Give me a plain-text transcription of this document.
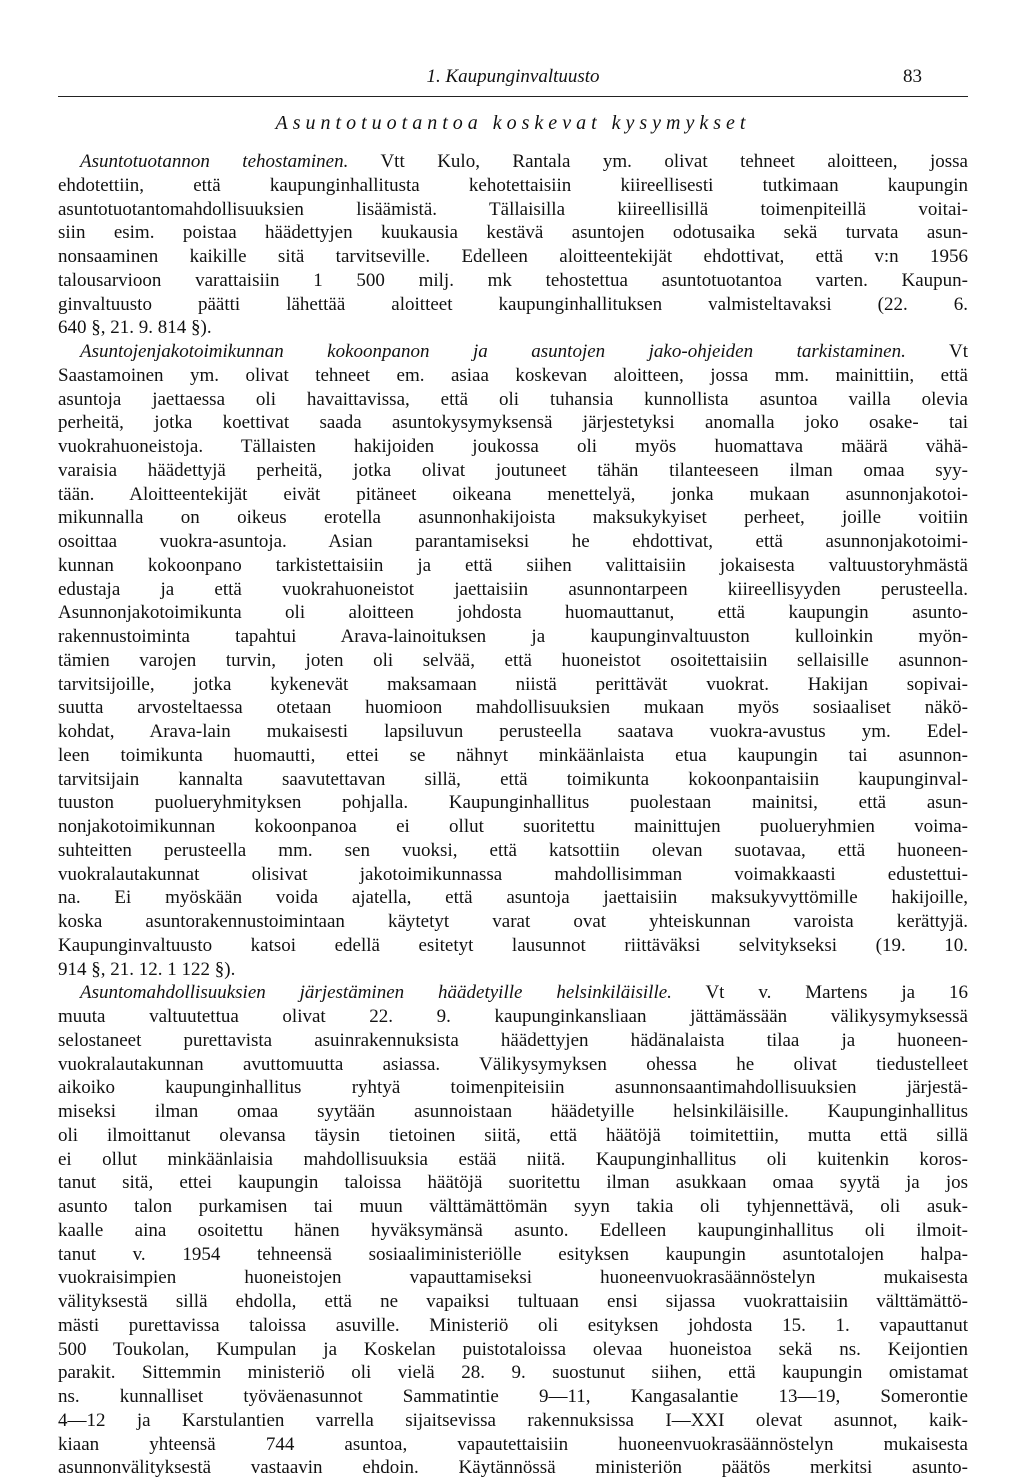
1. Kaupunginvaltuusto	83
Asuntotuotantoa koskevat kysymykset
Asuntotuotannon tehostaminen. Vtt Kulo, Rantala ym. olivat tehneet aloitteen, jossa
ehdotettiin, että kaupunginhallitusta kehotettaisiin kiireellisesti tutkimaan kaupungin
asuntotuotantomahdollisuuksien lisäämistä. Tällaisilla kiireellisillä toimenpiteillä voitai-
siin esim. poistaa häädettyjen kuukausia kestävä asuntojen odotusaika sekä turvata asun-
nonsaaminen kaikille sitä tarvitseville. Edelleen aloitteentekijät ehdottivat, että v:n 1956
talousarvioon varattaisiin 1 500 milj. mk tehostettua asuntotuotantoa varten. Kaupun-
ginvaltuusto päätti lähettää aloitteet kaupunginhallituksen valmisteltavaksi (22. 6.
640 §, 21. 9. 814 §).
Asuntojenjakotoimikunnan kokoonpanon ja asuntojen jako-ohjeiden tarkistaminen. Vt
Saastamoinen ym. olivat tehneet em. asiaa koskevan aloitteen, jossa mm. mainittiin, että
asuntoja jaettaessa oli havaittavissa, että oli tuhansia kunnollista asuntoa vailla olevia
perheitä, jotka koettivat saada asuntokysymyksensä järjestetyksi anomalla joko osake- tai
vuokrahuoneistoja. Tällaisten hakijoiden joukossa oli myös huomattava määrä vähä-
varaisia häädettyjä perheitä, jotka olivat joutuneet tähän tilanteeseen ilman omaa syy-
tään. Aloitteentekijät eivät pitäneet oikeana menettelyä, jonka mukaan asunnonjakotoi-
mikunnalla on oikeus erotella asunnonhakijoista maksukykyiset perheet, joille voitiin
osoittaa vuokra-asuntoja. Asian parantamiseksi he ehdottivat, että asunnonjakotoimi-
kunnan kokoonpano tarkistettaisiin ja että siihen valittaisiin jokaisesta valtuustoryhmästä
edustaja ja että vuokrahuoneistot jaettaisiin asunnontarpeen kiireellisyyden perusteella.
Asunnonjakotoimikunta oli aloitteen johdosta huomauttanut, että kaupungin asunto-
rakennustoiminta tapahtui Arava-lainoituksen ja kaupunginvaltuuston kulloinkin myön-
tämien varojen turvin, joten oli selvää, että huoneistot osoitettaisiin sellaisille asunnon-
tarvitsijoille, jotka kykenevät maksamaan niistä perittävät vuokrat. Hakijan sopivai-
suutta arvosteltaessa otetaan huomioon mahdollisuuksien mukaan myös sosiaaliset näkö-
kohdat, Arava-lain mukaisesti lapsiluvun perusteella saatava vuokra-avustus ym. Edel-
leen toimikunta huomautti, ettei se nähnyt minkäänlaista etua kaupungin tai asunnon-
tarvitsijain kannalta saavutettavan sillä, että toimikunta kokoonpantaisiin kaupunginval-
tuuston puolueryhmityksen pohjalla. Kaupunginhallitus puolestaan mainitsi, että asun-
nonjakotoimikunnan kokoonpanoa ei ollut suoritettu mainittujen puolueryhmien voima-
suhteitten perusteella mm. sen vuoksi, että katsottiin olevan suotavaa, että huoneen-
vuokralautakunnat olisivat jakotoimikunnassa mahdollisimman voimakkaasti edustettui-
na. Ei myöskään voida ajatella, että asuntoja jaettaisiin maksukyvyttömille hakijoille,
koska asuntorakennustoimintaan käytetyt varat ovat yhteiskunnan varoista kerättyjä.
Kaupunginvaltuusto katsoi edellä esitetyt lausunnot riittäväksi selvitykseksi (19. 10.
914 §, 21. 12. 1 122 §).
Asuntomahdollisuuksien järjestäminen häädetyille helsinkiläisille. Vt v. Martens ja 16
muuta valtuutettua olivat 22. 9. kaupunginkansliaan jättämässään välikysymyksessä
selostaneet purettavista asuinrakennuksista häädettyjen hädänalaista tilaa ja huoneen-
vuokralautakunnan avuttomuutta asiassa. Välikysymyksen ohessa he olivat tiedustelleet
aikoiko kaupunginhallitus ryhtyä toimenpiteisiin asunnonsaantimahdollisuuksien järjestä-
miseksi ilman omaa syytään asunnoistaan häädetyille helsinkiläisille. Kaupunginhallitus
oli ilmoittanut olevansa täysin tietoinen siitä, että häätöjä toimitettiin, mutta että sillä
ei ollut minkäänlaisia mahdollisuuksia estää niitä. Kaupunginhallitus oli kuitenkin koros-
tanut sitä, ettei kaupungin taloissa häätöjä suoritettu ilman asukkaan omaa syytä ja jos
asunto talon purkamisen tai muun välttämättömän syyn takia oli tyhjennettävä, oli asuk-
kaalle aina osoitettu hänen hyväksymänsä asunto. Edelleen kaupunginhallitus oli ilmoit-
tanut v. 1954 tehneensä sosiaaliministeriölle esityksen kaupungin asuntotalojen halpa-
vuokraisimpien huoneistojen vapauttamiseksi huoneenvuokrasäännöstelyn mukaisesta
välityksestä sillä ehdolla, että ne vapaiksi tultuaan ensi sijassa vuokrattaisiin välttämättö-
mästi purettavissa taloissa asuville. Ministeriö oli esityksen johdosta 15. 1. vapauttanut
500 Toukolan, Kumpulan ja Koskelan puistotaloissa olevaa huoneistoa sekä ns. Keijontien
parakit. Sittemmin ministeriö oli vielä 28. 9. suostunut siihen, että kaupungin omistamat
ns. kunnalliset työväenasunnot Sammatintie 9—11, Kangasalantie 13—19, Somerontie
4—12 ja Karstulantien varrella sijaitsevissa rakennuksissa I—XXI olevat asunnot, kaik-
kiaan yhteensä 744 asuntoa, vapautettaisiin huoneenvuokrasäännöstelyn mukaisesta
asunnonvälityksestä vastaavin ehdoin. Käytännössä ministeriön päätös merkitsi asunto-
